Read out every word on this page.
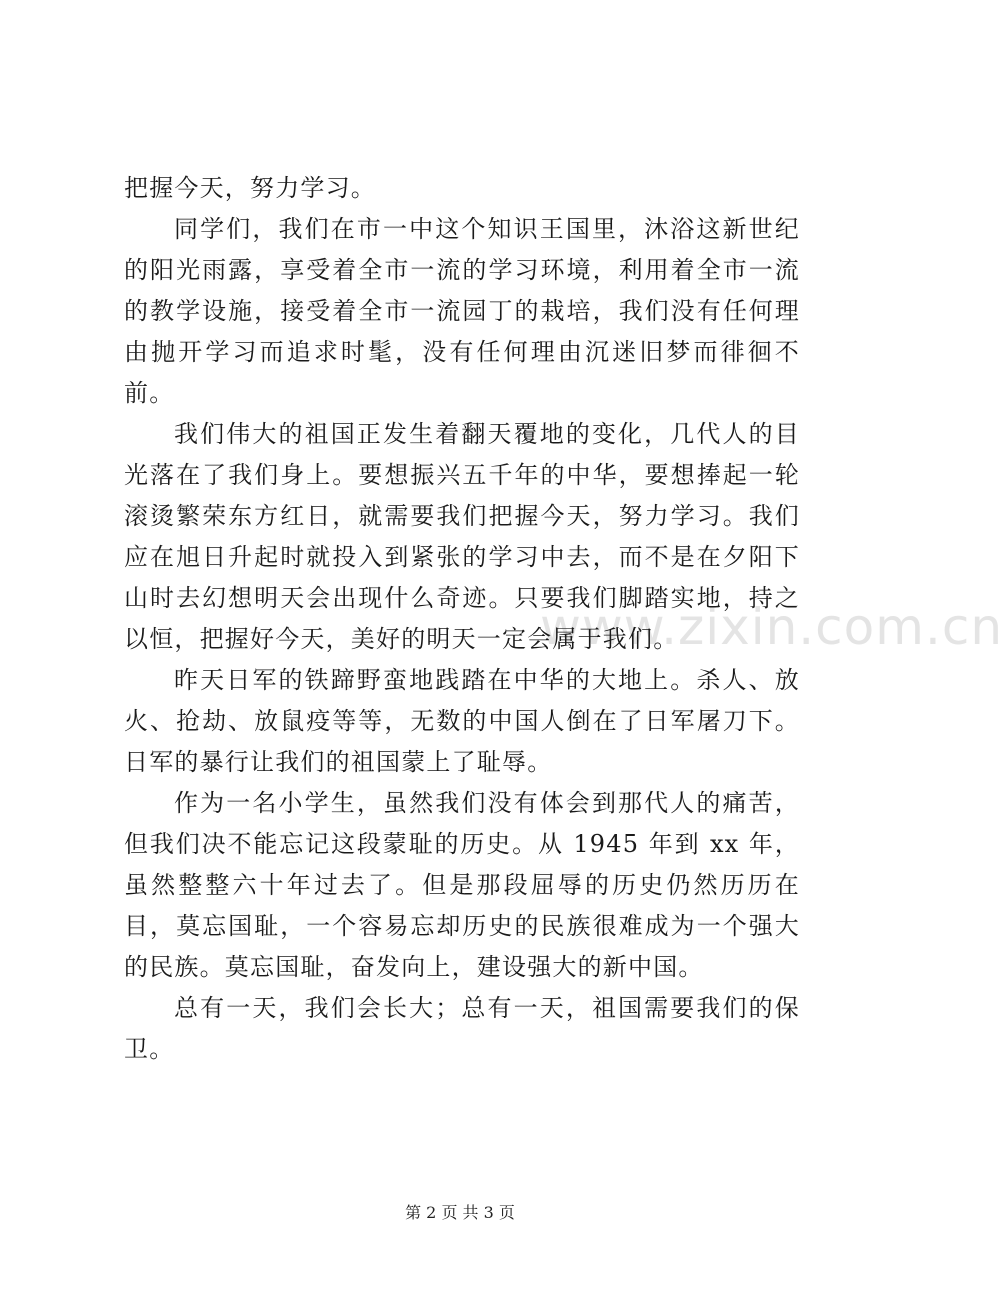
www.zixin.com.cn

把握今天，努力学习。

同学们，我们在市一中这个知识王国里，沐浴这新世纪的阳光雨露，享受着全市一流的学习环境，利用着全市一流的教学设施，接受着全市一流园丁的栽培，我们没有任何理由抛开学习而追求时髦，没有任何理由沉迷旧梦而徘徊不前。

我们伟大的祖国正发生着翻天覆地的变化，几代人的目光落在了我们身上。要想振兴五千年的中华，要想捧起一轮滚烫繁荣东方红日，就需要我们把握今天，努力学习。我们应在旭日升起时就投入到紧张的学习中去，而不是在夕阳下山时去幻想明天会出现什么奇迹。只要我们脚踏实地，持之以恒，把握好今天，美好的明天一定会属于我们。

昨天日军的铁蹄野蛮地践踏在中华的大地上。杀人、放火、抢劫、放鼠疫等等，无数的中国人倒在了日军屠刀下。日军的暴行让我们的祖国蒙上了耻辱。

作为一名小学生，虽然我们没有体会到那代人的痛苦，但我们决不能忘记这段蒙耻的历史。从 1945 年到 xx 年，虽然整整六十年过去了。但是那段屈辱的历史仍然历历在目，莫忘国耻，一个容易忘却历史的民族很难成为一个强大的民族。莫忘国耻，奋发向上，建设强大的新中国。

总有一天，我们会长大；总有一天，祖国需要我们的保卫。

第 2 页 共 3 页
